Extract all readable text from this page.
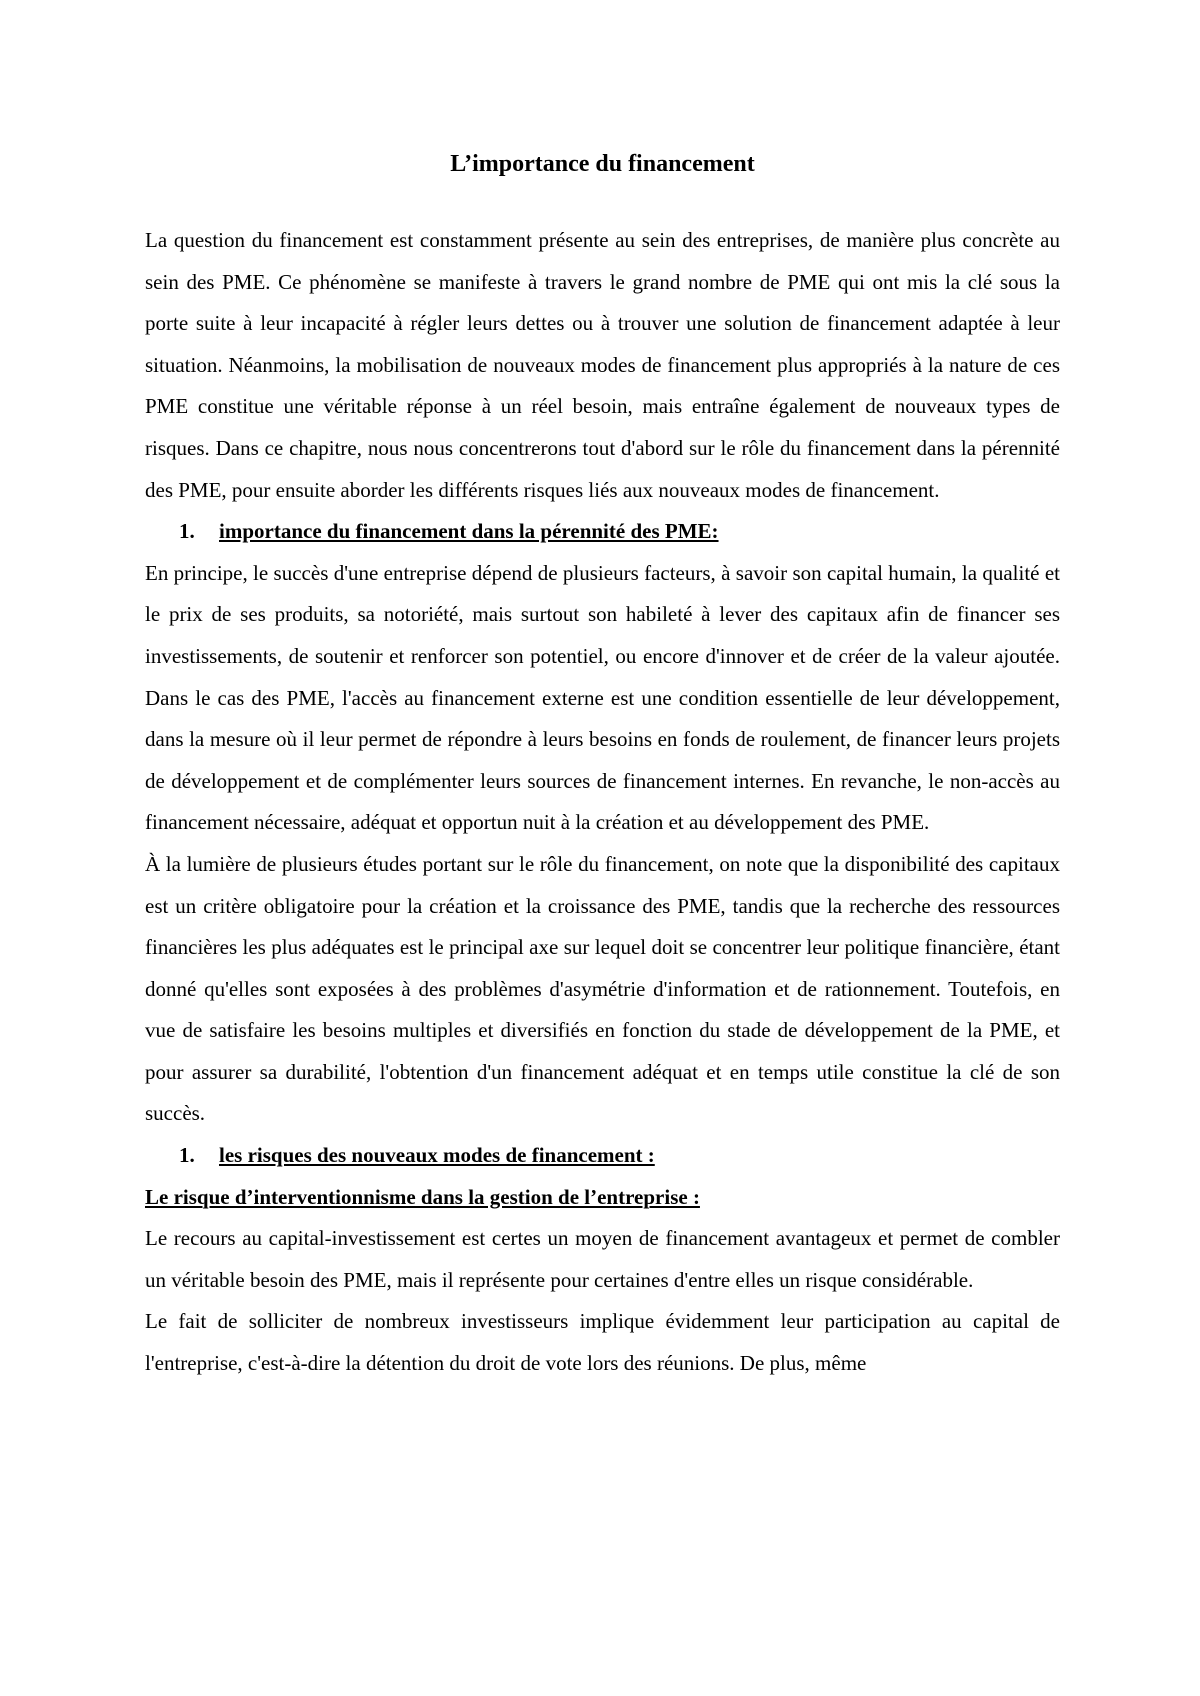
L’importance du financement

La question du financement est constamment présente au sein des entreprises, de manière plus concrète au sein des PME. Ce phénomène se manifeste à travers le grand nombre de PME qui ont mis la clé sous la porte suite à leur incapacité à régler leurs dettes ou à trouver une solution de financement adaptée à leur situation. Néanmoins, la mobilisation de nouveaux modes de financement plus appropriés à la nature de ces PME constitue une véritable réponse à un réel besoin, mais entraîne également de nouveaux types de risques. Dans ce chapitre, nous nous concentrerons tout d'abord sur le rôle du financement dans la pérennité des PME, pour ensuite aborder les différents risques liés aux nouveaux modes de financement.

1. importance du financement dans la pérennité des PME:

En principe, le succès d'une entreprise dépend de plusieurs facteurs, à savoir son capital humain, la qualité et le prix de ses produits, sa notoriété, mais surtout son habileté à lever des capitaux afin de financer ses investissements, de soutenir et renforcer son potentiel, ou encore d'innover et de créer de la valeur ajoutée. Dans le cas des PME, l'accès au financement externe est une condition essentielle de leur développement, dans la mesure où il leur permet de répondre à leurs besoins en fonds de roulement, de financer leurs projets de développement et de complémenter leurs sources de financement internes. En revanche, le non-accès au financement nécessaire, adéquat et opportun nuit à la création et au développement des PME.

À la lumière de plusieurs études portant sur le rôle du financement, on note que la disponibilité des capitaux est un critère obligatoire pour la création et la croissance des PME, tandis que la recherche des ressources financières les plus adéquates est le principal axe sur lequel doit se concentrer leur politique financière, étant donné qu'elles sont exposées à des problèmes d'asymétrie d'information et de rationnement. Toutefois, en vue de satisfaire les besoins multiples et diversifiés en fonction du stade de développement de la PME, et pour assurer sa durabilité, l'obtention d'un financement adéquat et en temps utile constitue la clé de son succès.

1. les risques des nouveaux modes de financement :
Le risque d’interventionnisme dans la gestion de l’entreprise :

Le recours au capital-investissement est certes un moyen de financement avantageux et permet de combler un véritable besoin des PME, mais il représente pour certaines d'entre elles un risque considérable.

Le fait de solliciter de nombreux investisseurs implique évidemment leur participation au capital de l'entreprise, c'est-à-dire la détention du droit de vote lors des réunions. De plus, même
